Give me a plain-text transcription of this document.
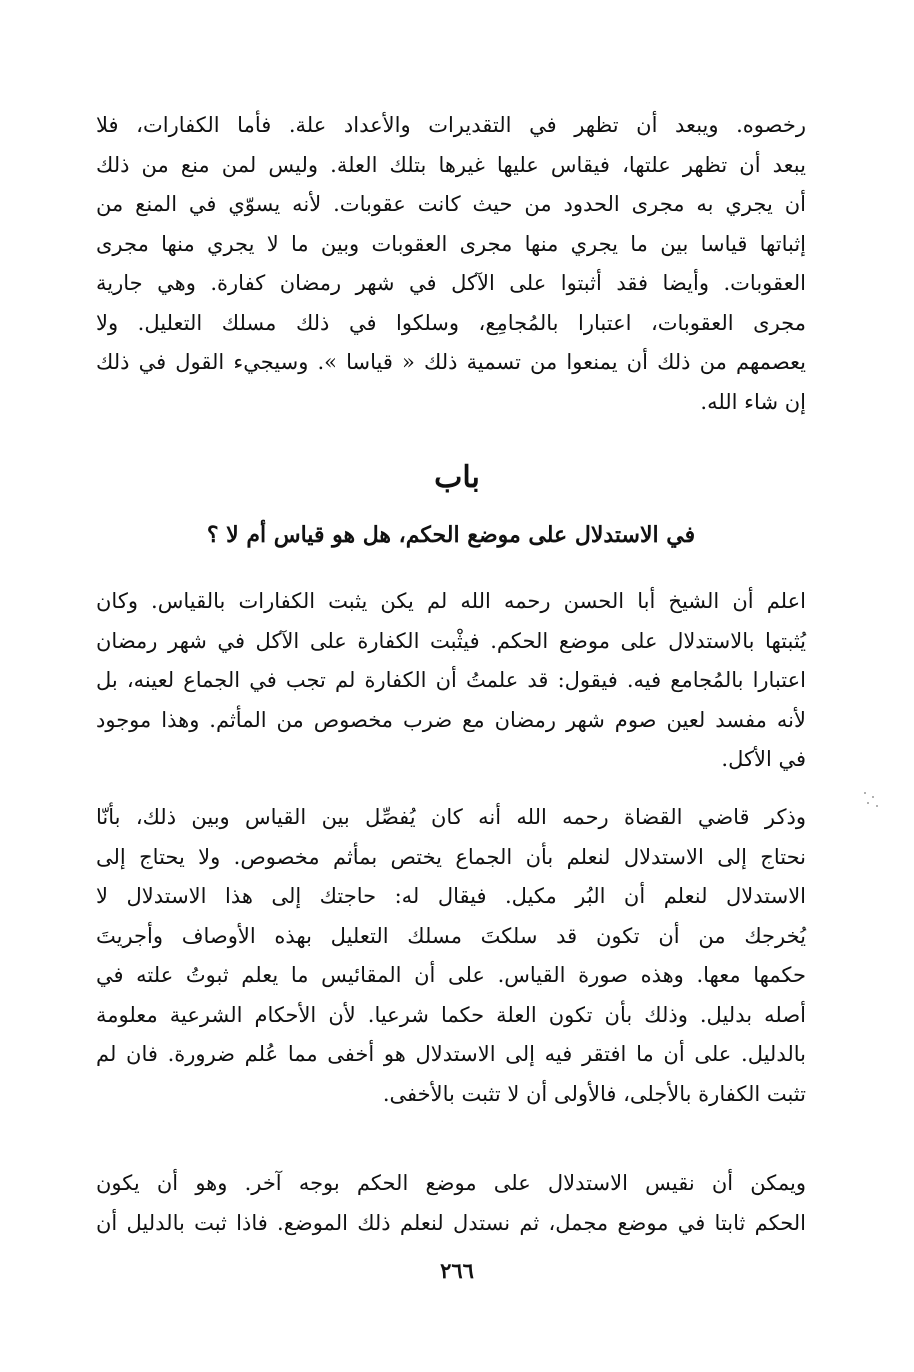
رخصوه. ويبعد أن تظهر في التقديرات والأعداد علة. فأما الكفارات، فلا
يبعد أن تظهر علتها، فيقاس عليها غيرها بتلك العلة. وليس لمن منع من ذلك
أن يجري به مجرى الحدود من حيث كانت عقوبات. لأنه يسوّي في المنع من
إثباتها قياسا بين ما يجري منها مجرى العقوبات وبين ما لا يجري منها مجرى
العقوبات. وأيضا فقد أثبتوا على الآكل في شهر رمضان كفارة. وهي جارية
مجرى العقوبات، اعتبارا بالمُجامِع، وسلكوا في ذلك مسلك التعليل. ولا
يعصمهم من ذلك أن يمنعوا من تسمية ذلك « قياسا ». وسيجيء القول في ذلك
إن شاء الله.
باب
في الاستدلال على موضع الحكم، هل هو قياس أم لا ؟
اعلم أن الشيخ أبا الحسن رحمه الله لم يكن يثبت الكفارات بالقياس. وكان
يُثبتها بالاستدلال على موضع الحكم. فيثْبت الكفارة على الآكل في شهر رمضان
اعتبارا بالمُجامع فيه. فيقول: قد علمتُ أن الكفارة لم تجب في الجماع لعينه، بل
لأنه مفسد لعين صوم شهر رمضان مع ضرب مخصوص من المأثم. وهذا موجود
في الأكل.
وذكر قاضي القضاة رحمه الله أنه كان يُفصِّل بين القياس وبين ذلك، بأنّا
نحتاج إلى الاستدلال لنعلم بأن الجماع يختص بمأثم مخصوص. ولا يحتاج إلى
الاستدلال لنعلم أن البُر مكيل. فيقال له: حاجتك إلى هذا الاستدلال لا
يُخرجك من أن تكون قد سلكتَ مسلك التعليل بهذه الأوصاف وأجريتَ
حكمها معها. وهذه صورة القياس. على أن المقائيس ما يعلم ثبوتُ علته في
أصله بدليل. وذلك بأن تكون العلة حكما شرعيا. لأن الأحكام الشرعية معلومة
بالدليل. على أن ما افتقر فيه إلى الاستدلال هو أخفى مما عُلم ضرورة. فان لم
تثبت الكفارة بالأجلى، فالأولى أن لا تثبت بالأخفى.
ويمكن أن نقيس الاستدلال على موضع الحكم بوجه آخر. وهو أن يكون
الحكم ثابتا في موضع مجمل، ثم نستدل لنعلم ذلك الموضع. فاذا ثبت بالدليل أن
٢٦٦
